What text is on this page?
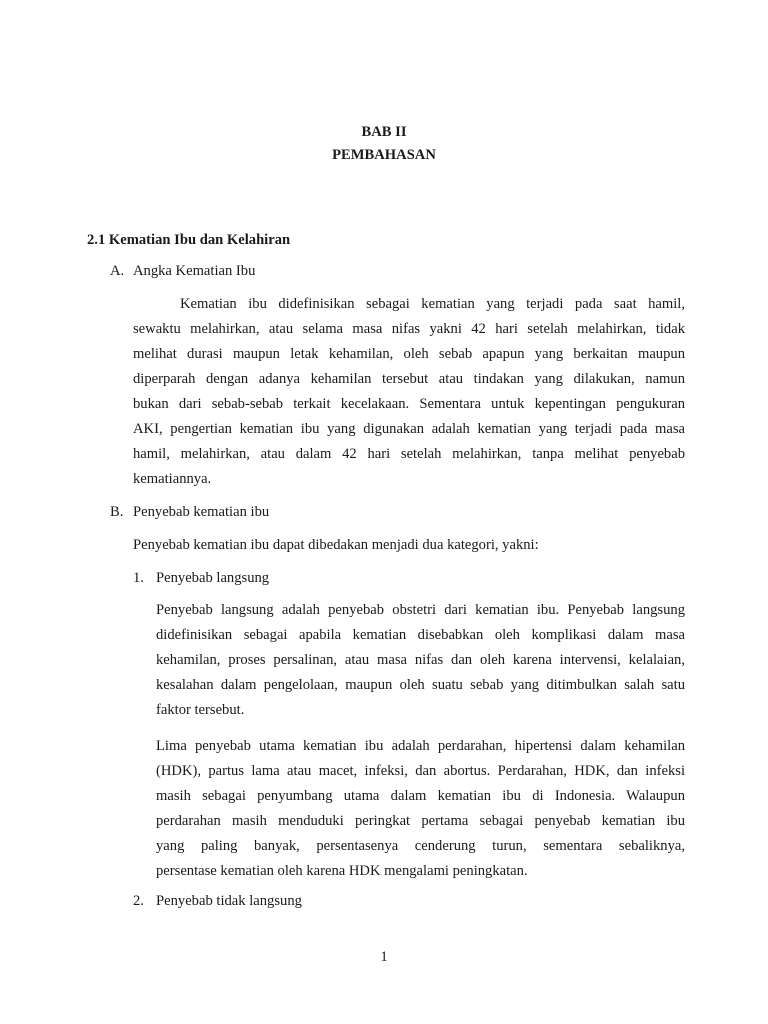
BAB II
PEMBAHASAN
2.1 Kematian Ibu dan Kelahiran
A. Angka Kematian Ibu
Kematian ibu didefinisikan sebagai kematian yang terjadi pada saat hamil,
sewaktu melahirkan, atau selama masa nifas yakni 42 hari setelah melahirkan, tidak
melihat durasi maupun letak kehamilan, oleh sebab apapun yang berkaitan maupun
diperparah dengan adanya kehamilan tersebut atau tindakan yang dilakukan, namun
bukan dari sebab-sebab terkait kecelakaan. Sementara untuk kepentingan pengukuran
AKI, pengertian kematian ibu yang digunakan adalah kematian yang terjadi pada masa
hamil, melahirkan, atau dalam 42 hari setelah melahirkan, tanpa melihat penyebab
kematiannya.
B. Penyebab kematian ibu
Penyebab kematian ibu dapat dibedakan menjadi dua kategori, yakni:
1. Penyebab langsung
Penyebab langsung adalah penyebab obstetri dari kematian ibu. Penyebab langsung
didefinisikan sebagai apabila kematian disebabkan oleh komplikasi dalam masa
kehamilan, proses persalinan, atau masa nifas dan oleh karena intervensi, kelalaian,
kesalahan dalam pengelolaan, maupun oleh suatu sebab yang ditimbulkan salah satu
faktor tersebut.
Lima penyebab utama kematian ibu adalah perdarahan, hipertensi dalam kehamilan
(HDK), partus lama atau macet, infeksi, dan abortus. Perdarahan, HDK, dan infeksi
masih sebagai penyumbang utama dalam kematian ibu di Indonesia. Walaupun
perdarahan masih menduduki peringkat pertama sebagai penyebab kematian ibu
yang paling banyak, persentasenya cenderung turun, sementara sebaliknya,
persentase kematian oleh karena HDK mengalami peningkatan.
2. Penyebab tidak langsung
1
